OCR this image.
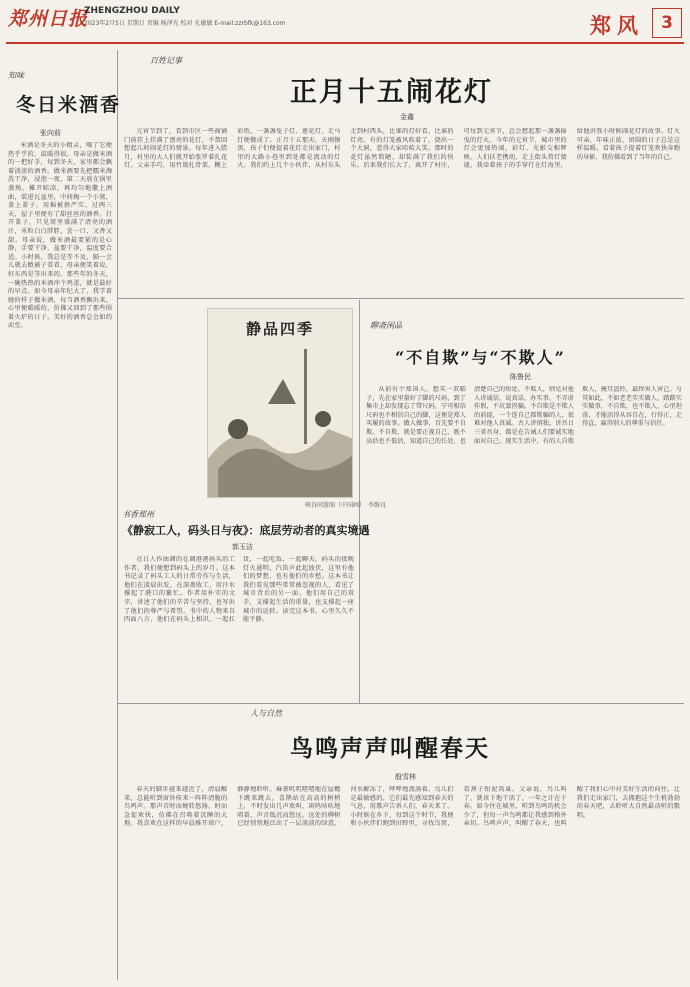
郑州日报
ZHENGZHOU DAILY
2023年2月5日 星期日 责编 杨泽光 校对 孔敏敏 E-mail:zzrbfk@163.com	郑风	3
知味
冬日米酒香
张向前
米酒是冬天的小精灵，喝了它便热乎乎的，温暖得很。母亲是做米酒的一把好手，每到冬天，家里都会飘着淡淡的酒香。做米酒要先把糯米淘洗干净，浸泡一夜，第二天放在锅里蒸熟，摊开晾凉，再均匀地撒上酒曲，装进瓦盆里，中间掏一个小窝，盖上盖子，用棉被捂严实。过两三天，屋子里便有了甜丝丝的酒香。打开盖子，只见窝里盛满了清亮的酒汁，米粒白白胖胖，尝一口，又香又甜。母亲说，做米酒最要紧的是心静，手要干净，盆要干净，温度要合适。小时候，我总是等不及，隔一会儿就去掀被子看看，母亲便笑着说，好东西是等出来的。那些年的冬天，一碗热热的米酒冲个鸡蛋，就是最好的早点。如今母亲年纪大了，我学着她的样子做米酒，每当酒香飘出来，心里便暖暖的，仿佛又回到了那些围着火炉的日子。美好的酒香总会如约而至。
百姓记事
正月十五闹花灯
金鑫
元宵节到了，看到市区一些商铺门前挂上挂满了漂亮的花灯，不禁回想起儿时闹花灯的情景。每年进入腊月，村里的大人们就开始张罗着扎花灯。父亲手巧，用竹篾扎骨架，糊上彩纸，一盏盏兔子灯、莲花灯、走马灯便做成了。正月十五那天，天刚擦黑，孩子们便提着花灯走出家门，村里的大路小巷里到处都是流动的灯火。我们约上几个小伙伴，从村东头走到村西头，比谁的灯好看，比谁的灯亮。有的灯笼被风吹着了，烧出一个大洞，惹得大家哈哈大笑。那时的花灯虽然简陋，却装满了我们的快乐。后来我们长大了，离开了村庄，可每到元宵节，总会想起那一盏盏摇曳的灯火。今年的元宵节，城市里的灯会更加热闹，彩灯、光影交相辉映，人们扶老携幼，走上街头赏灯猜谜。我牵着孩子的手穿行在灯海里，给他讲我小时候闹花灯的故事。灯火可亲，年味正浓，团圆的日子总是这样温暖。看着孩子提着灯笼欢快奔跑的身影，我仿佛看到了当年的自己。
静品四季
峡谷同游图（中国画）　李维良
聊斋闲品
“不自欺”与“不欺人”
陈鲁民
从前有个郑国人，想买一双鞋子，先在家里量好了脚的尺码，到了集市上却发现忘了带尺码，宁可相信尺码也不相信自己的脚，这便是郑人买履的故事。做人做事，首先要不自欺。不自欺，就是要正视自己，既不高估也不低估，知道自己的长处，也清楚自己的短处。不欺人，则是对他人讲诚信，说真话，办实事，不弄虚作假，不坑蒙拐骗。不自欺是不欺人的前提，一个连自己都欺骗的人，很难对他人真诚。古人讲慎独，讲吾日三省吾身，都是在告诫人们要诚实地面对自己。现实生活中，有的人自欺欺人，掩耳盗铃，最终害人害己。与其如此，不如老老实实做人，踏踏实实做事，不自欺，也不欺人，心里坦荡，才能活得从容自在，行得正，走得直，赢得别人的尊重与信任。
书香郑州
《静寂工人，码头日与夜》：底层劳动者的真实境遇
郭玉洁
在日人作曲调的在调港港码头的工作者，我们便想到码头上的岁月。这本书记录了码头工人的日常劳作与生活，他们在凌晨出发，在深夜收工，用汗水撑起了港口的繁忙。作者用朴实的文字，讲述了他们的辛苦与坚持，也写出了他们的尊严与希望。书中的人物来自四面八方，他们在码头上相识，一起扛货，一起吃饭，一起聊天。码头的夜晚灯火通明，汽笛声此起彼伏，这里有他们的梦想，也有他们的乡愁。这本书让我们看见那些常常被忽视的人，看见了城市背后的另一面。他们用自己的双手，支撑起生活的重量，也支撑起一座城市的运转。读完这本书，心里久久不能平静。
人与自然
鸟鸣声声叫醒春天
殷雪林
春天的脚步越来越近了，清晨醒来，总能听到窗外传来一阵阵清脆的鸟鸣声。那声音时而婉转悠扬，时而急促欢快，仿佛在召唤着沉睡的大地。我喜欢在这样的早晨推开窗户，静静地聆听。麻雀叽叽喳喳地在屋檐下跳来跳去，喜鹊站在高高的树梢上，不时发出几声欢叫，斑鸠咕咕地唱着，声音低沉而悠远。远处的柳树已经悄悄地泛出了一层淡淡的绿意，河水解冻了，哗哗地流淌着。鸟儿们是最敏感的，它们最先感知到春天的气息，用歌声告诉人们，春天来了。小时候在乡下，每到这个时节，我便和小伙伴们跑到田野里，寻找鸟窝，看燕子衔泥筑巢。父亲说，鸟儿叫了，就该下地干活了，一年之计在于春。如今住在城里，听到鸟鸣的机会少了，但每一声鸟鸣都让我感到格外亲切。鸟鸣声声，叫醒了春天，也叫醒了我们心中对美好生活的向往。让我们走出家门，去拥抱这个生机勃勃的春天吧，去聆听大自然最动听的歌唱。
